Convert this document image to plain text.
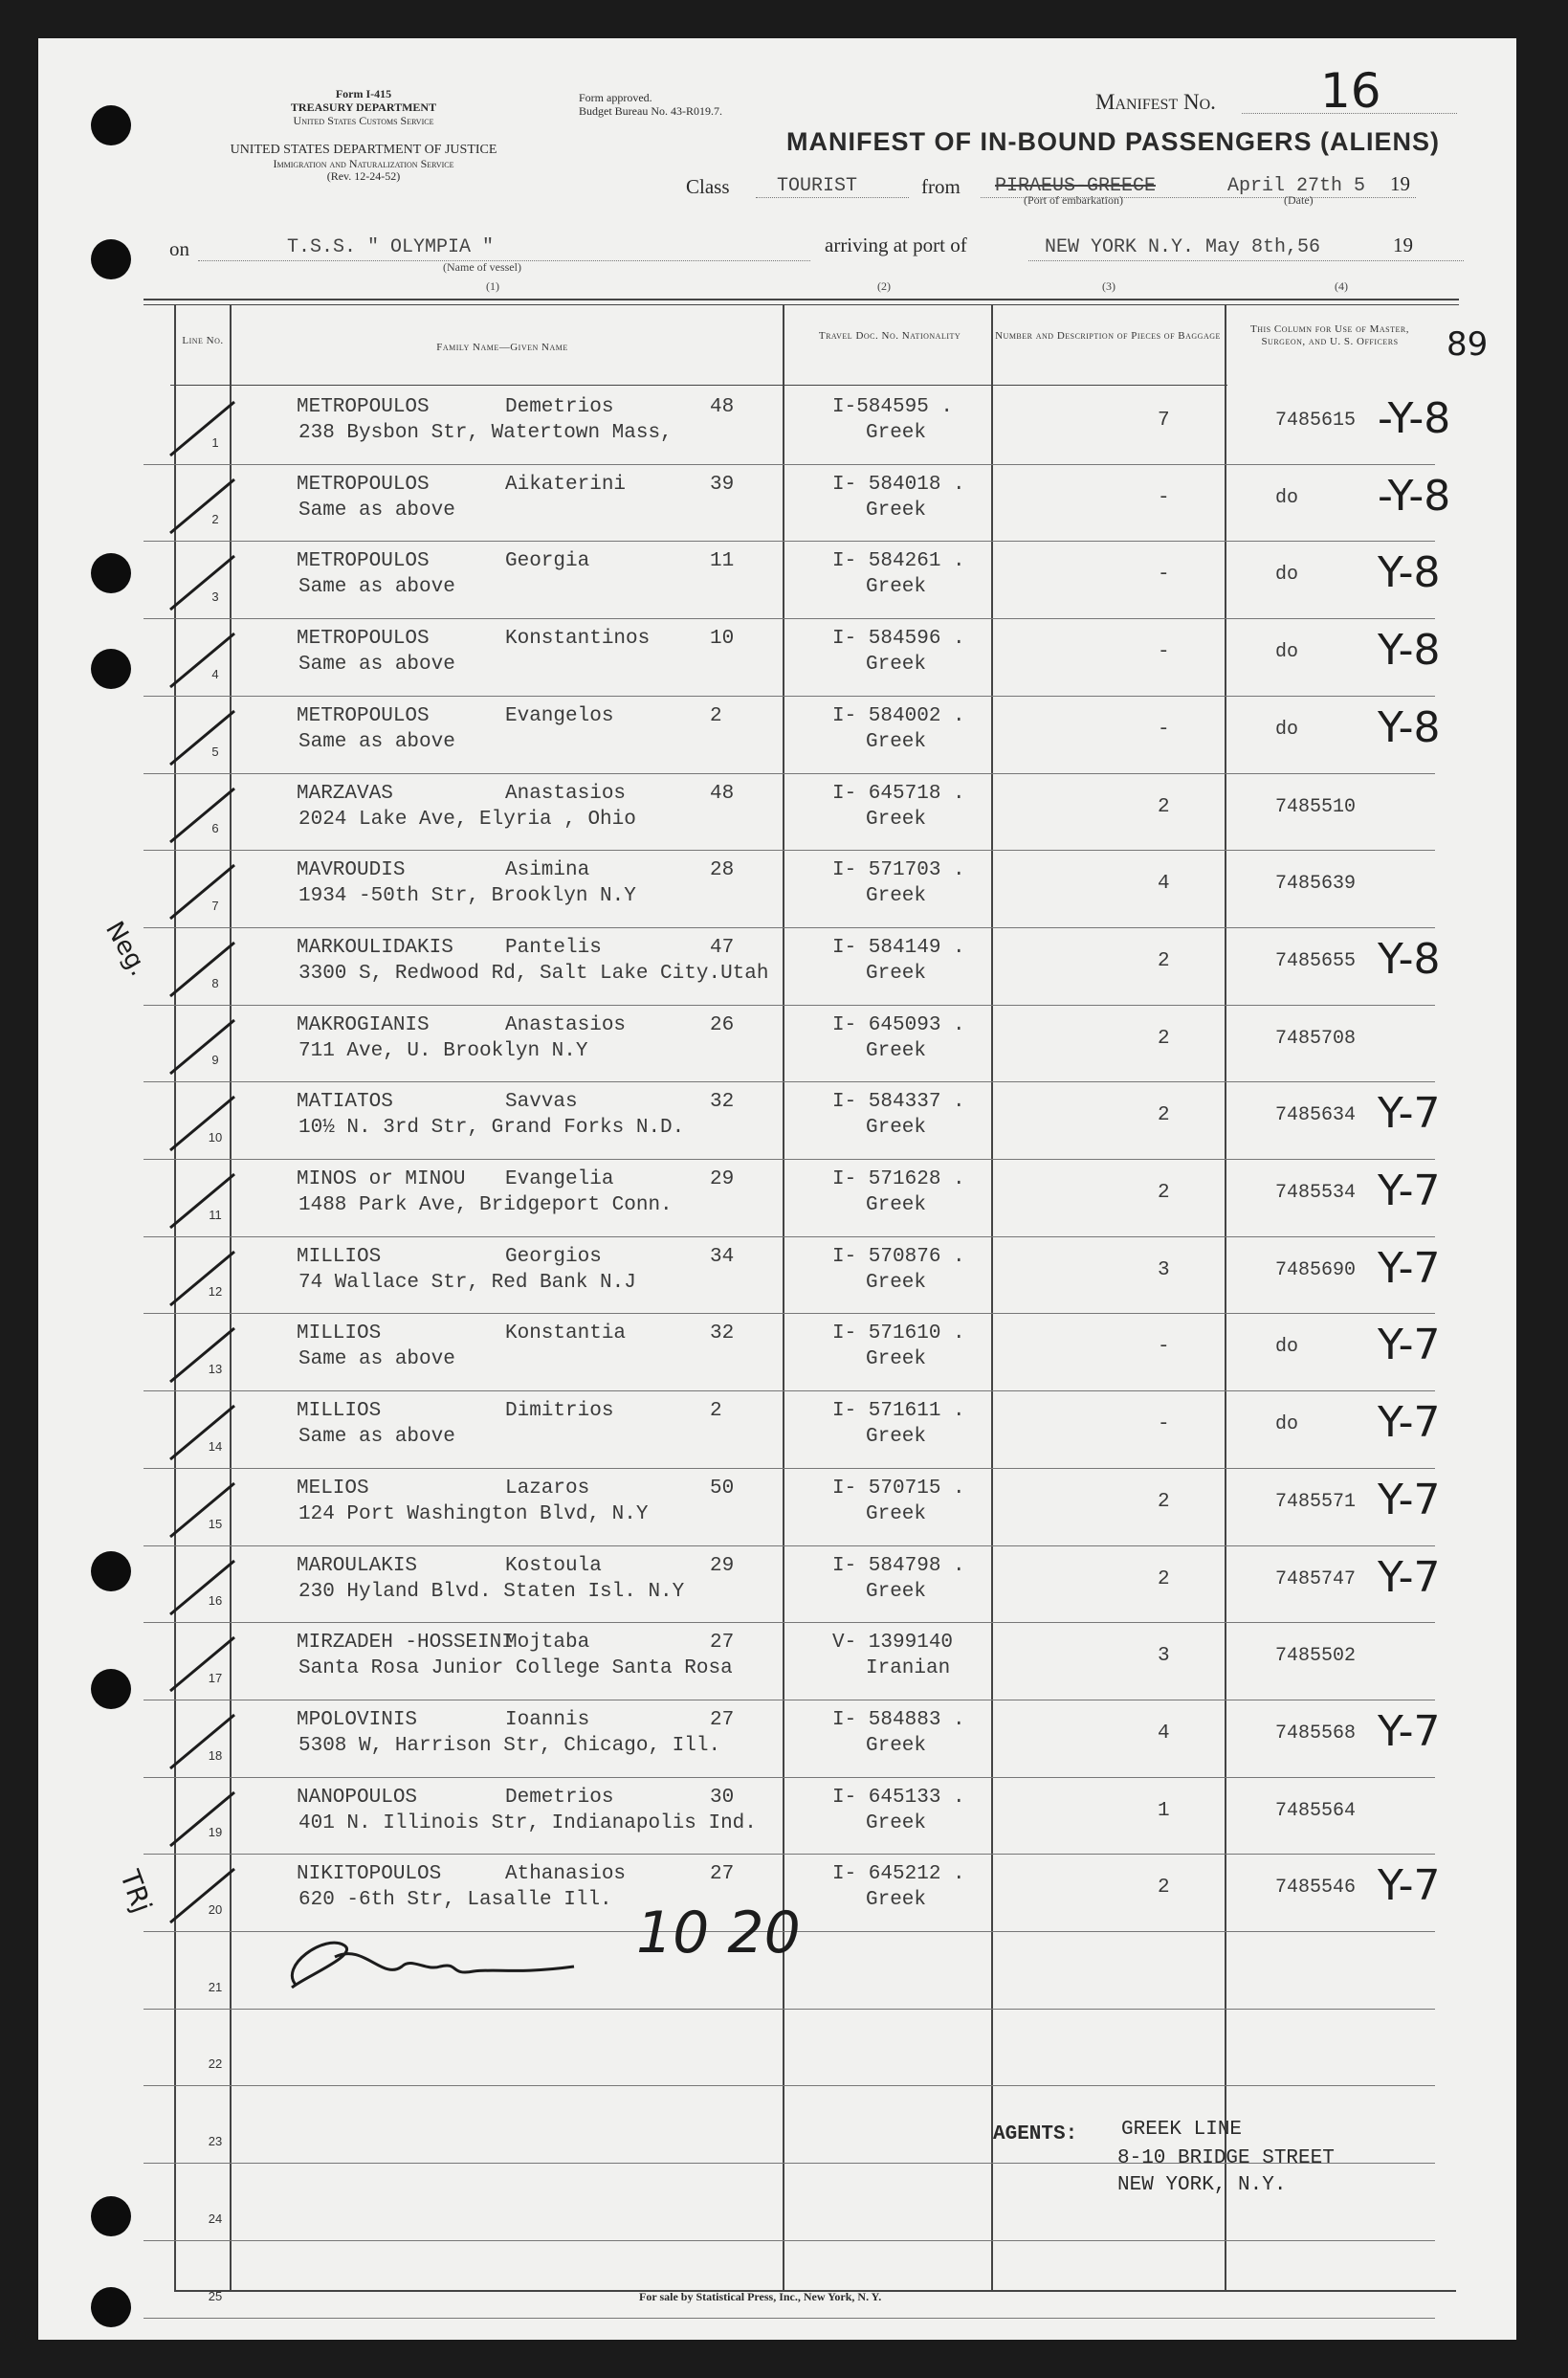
Form I-415
TREASURY DEPARTMENT
United States Customs Service
Form approved.
Budget Bureau No. 43-R019.7.
UNITED STATES DEPARTMENT OF JUSTICE
Immigration and Naturalization Service
(Rev. 12-24-52)
Manifest No. 16
89
MANIFEST OF IN-BOUND PASSENGERS (ALIENS)
Class TOURIST	from PIRAEUS-GREECE
(Port of embarkation)
April 27th 5
(Date)
19
on	T.S.S. " OLYMPIA "
(Name of vessel)
arriving at port of	NEW YORK N.Y. May 8th,56	19
(1)	(2)	(3)	(4)
Line No.
Family Name—Given Name
Travel Doc. No. Nationality	Number and Description of Pieces of Baggage
This Column for Use of Master, Surgeon, and U. S. Officers
1
METROPOULOS	Demetrios	48
238 Bysbon Str, Watertown Mass,
I-584595 .
Greek
7	7485615 -Y-8
2
METROPOULOS	Aikaterini	39
Same as above
I- 584018 .
Greek
-	do -Y-8
3
METROPOULOS	Georgia	11
Same as above
I- 584261 .
Greek
-	do Y-8
4
METROPOULOS	Konstantinos	10
Same as above
I- 584596 .
Greek
-	do Y-8
5
METROPOULOS	Evangelos	2
Same as above
I- 584002 .
Greek
-	do Y-8
6
MARZAVAS	Anastasios	48
2024 Lake Ave, Elyria , Ohio
I- 645718 .
Greek
2	7485510
7
MAVROUDIS	Asimina	28
1934 -50th Str, Brooklyn N.Y
I- 571703 .
Greek
4	7485639
8
MARKOULIDAKIS	Pantelis	47
3300 S, Redwood Rd, Salt Lake City.Utah
I- 584149 .
Greek
2	7485655 Y-8
9
MAKROGIANIS	Anastasios	26
711 Ave, U. Brooklyn N.Y
I- 645093 .
Greek
2	7485708
10
MATIATOS	Savvas	32
10½ N. 3rd Str, Grand Forks N.D.
I- 584337 .
Greek
2	7485634 Y-7
11
MINOS or MINOU Evangelia	29
1488 Park Ave, Bridgeport Conn.
I- 571628 .
Greek
2	7485534 Y-7
12
MILLIOS	Georgios	34
74 Wallace Str, Red Bank N.J
I- 570876 .
Greek
3	7485690 Y-7
13
MILLIOS	Konstantia	32
Same as above
I- 571610 .
Greek
-	do Y-7
14
MILLIOS	Dimitrios	2
Same as above
I- 571611 .
Greek
-	do Y-7
15
MELIOS	Lazaros	50
124 Port Washington Blvd, N.Y
I- 570715 .
Greek
2	7485571 Y-7
16
MAROULAKIS	Kostoula	29
230 Hyland Blvd. Staten Isl. N.Y
I- 584798 .
Greek
2	7485747 Y-7
17
MIRZADEH -HOSSEINI
Mojtaba	27
Santa Rosa Junior College Santa Rosa
V- 1399140
Iranian
3	7485502
18
MPOLOVINIS	Ioannis	27
5308 W, Harrison Str, Chicago, Ill.
I- 584883 .
Greek
4	7485568 Y-7
19
NANOPOULOS	Demetrios	30
401 N. Illinois Str, Indianapolis Ind.
I- 645133 .
Greek
1	7485564
20
NIKITOPOULOS	Athanasios	27
620 -6th Str, Lasalle Ill.
I- 645212 .
Greek
2	7485546 Y-7
21
22
23
24
25
Neg.
TRj
10 20
AGENTS: GREEK LINE
8-10 BRIDGE STREET
NEW YORK, N.Y.
For sale by Statistical Press, Inc., New York, N. Y.
